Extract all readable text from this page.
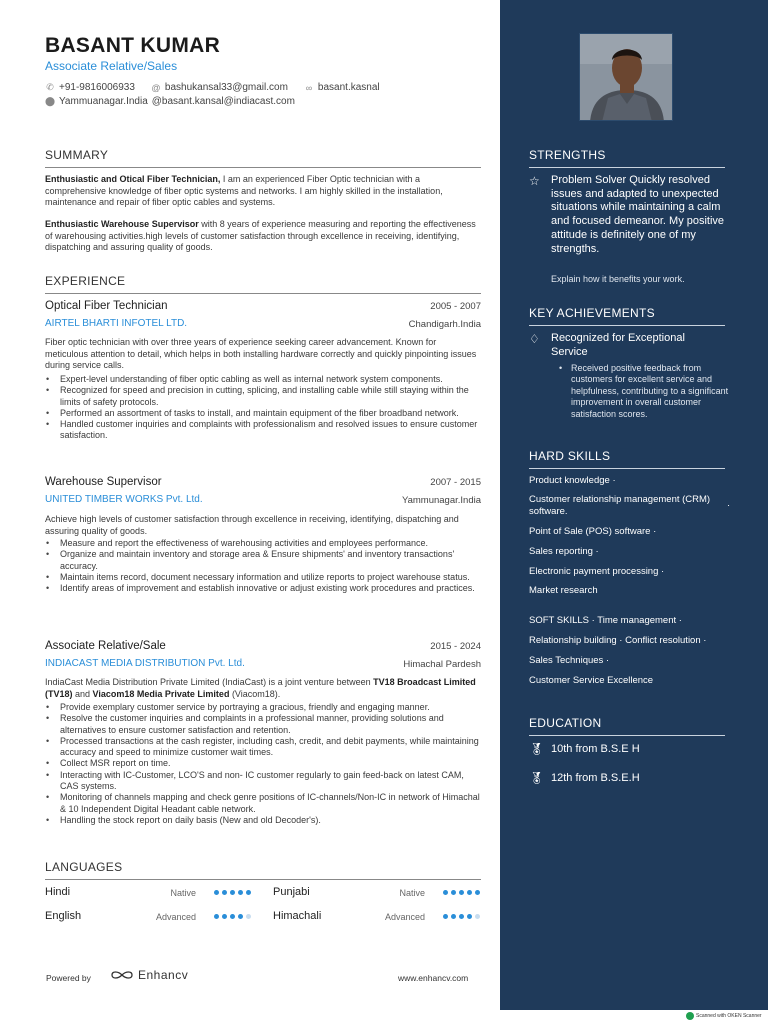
BASANT KUMAR
Associate Relative/Sales
✆ +91-9816006933 @ bashukansal33@gmail.com ∞ basant.kasnal
⬤ Yammuanagar.India @basant.kansal@indiacast.com
SUMMARY
Enthusiastic and Otical Fiber Technician, I am an experienced Fiber Optic technician with a comprehensive knowledge of fiber optic systems and networks. I am highly skilled in the installation, maintenance and repair of fiber optic cables and systems.
Enthusiastic Warehouse Supervisor with 8 years of experience measuring and reporting the effectiveness of warehousing activities.high levels of customer satisfaction through excellence in receiving, identifying, dispatching and assuring quality of goods.
EXPERIENCE
Optical Fiber Technician	2005 - 2007
AIRTEL BHARTI INFOTEL LTD.	Chandigarh.India
Fiber optic technician with over three years of experience seeking career advancement. Known for meticulous attention to detail, which helps in both installing hardware correctly and quickly pinpointing issues during service calls.
• Expert-level understanding of fiber optic cabling as well as internal network system components.
• Recognized for speed and precision in cutting, splicing, and installing cable while still staying within the limits of safety protocols.
• Performed an assortment of tasks to install, and maintain equipment of the fiber broadband network.
• Handled customer inquiries and complaints with professionalism and resolved issues to ensure customer satisfaction.
Warehouse Supervisor	2007 - 2015
UNITED TIMBER WORKS Pvt. Ltd.	Yammunagar.India
Achieve high levels of customer satisfaction through excellence in receiving, identifying, dispatching and assuring quality of goods.
• Measure and report the effectiveness of warehousing activities and employees performance.
• Organize and maintain inventory and storage area & Ensure shipments' and inventory transactions' accuracy.
• Maintain items record, document necessary information and utilize reports to project warehouse status.
• Identify areas of improvement and establish innovative or adjust existing work procedures and practices.
Associate Relative/Sale	2015 - 2024
INDIACAST MEDIA DISTRIBUTION Pvt. Ltd.	Himachal Pardesh
IndiaCast Media Distribution Private Limited (IndiaCast) is a joint venture between TV18 Broadcast Limited (TV18) and Viacom18 Media Private Limited (Viacom18).
• Provide exemplary customer service by portraying a gracious, friendly and engaging manner.
• Resolve the customer inquiries and complaints in a professional manner, providing solutions and alternatives to ensure customer satisfaction and retention.
• Processed transactions at the cash register, including cash, credit, and debit payments, while maintaining accuracy and speed to minimize customer wait times.
• Collect MSR report on time.
• Interacting with IC-Customer, LCO'S and non- IC customer regularly to gain feed-back on latest CAM, CAS systems.
• Monitoring of channels mapping and check genre positions of IC-channels/Non-IC in network of Himachal & 10 Independent Digital Headant cable network.
• Handling the stock report on daily basis (New and old Decoder's).
LANGUAGES
Hindi	Native	Punjabi	Native
English	Advanced	Himachali	Advanced
Powered by	Enhancv	www.enhancv.com
STRENGTHS
☆ Problem Solver Quickly resolved issues and adapted to unexpected situations while maintaining a calm and focused demeanor. My positive attitude is definitely one of my strengths.
Explain how it benefits your work.
KEY ACHIEVEMENTS
♢ Recognized for Exceptional Service
Received positive feedback from customers for excellent service and helpfulness, contributing to a significant improvement in overall customer satisfaction scores.
•
HARD SKILLS
Product knowledge ·
Customer relationship management (CRM) software.	·
Point of Sale (POS) software ·
Sales reporting ·
Electronic payment processing ·
Market research
SOFT SKILLS · Time management ·
Relationship building · Conflict resolution ·
Sales Techniques ·
Customer Service Excellence
EDUCATION
🏅︎ 10th from B.S.E H
🏅︎ 12th from B.S.E.H
Scanned with OKEN Scanner
